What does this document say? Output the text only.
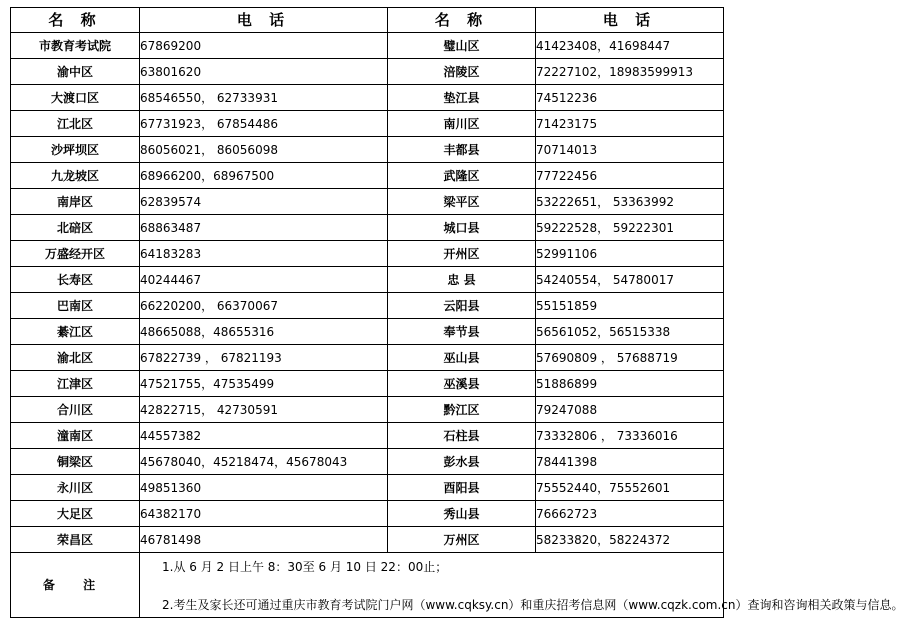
名 称	电 话	名 称	电 话
市教育考试院	67869200	璧山区	41423408，41698447
渝中区	63801620	涪陵区	72227102，18983599913
大渡口区	68546550， 62733931	垫江县	74512236
江北区	67731923， 67854486	南川区	71423175
沙坪坝区	86056021， 86056098	丰都县	70714013
九龙坡区	68966200，68967500	武隆区	77722456
南岸区	62839574	梁平区	53222651， 53363992
北碚区	68863487	城口县	59222528， 59222301
万盛经开区	64183283	开州区	52991106
长寿区	40244467	忠 县	54240554， 54780017
巴南区	66220200， 66370067	云阳县	55151859
綦江区	48665088，48655316	奉节县	56561052，56515338
渝北区	67822739 ， 67821193	巫山县	57690809 ， 57688719
江津区	47521755，47535499	巫溪县	51886899
合川区	42822715， 42730591	黔江区	79247088
潼南区	44557382	石柱县	73332806 ， 73336016
铜梁区	45678040，45218474，45678043	彭水县	78441398
永川区	49851360	酉阳县	75552440，75552601
大足区	64382170	秀山县	76662723
荣昌区	46781498	万州区	58233820，58224372
备 注	1.从 6 月 2 日上午 8：30至 6 月 10 日 22：00止；

2.考生及家长还可通过重庆市教育考试院门户网（www.cqksy.cn）和重庆招考信息网（www.cqzk.com.cn）查询和咨询相关政策与信息。		
